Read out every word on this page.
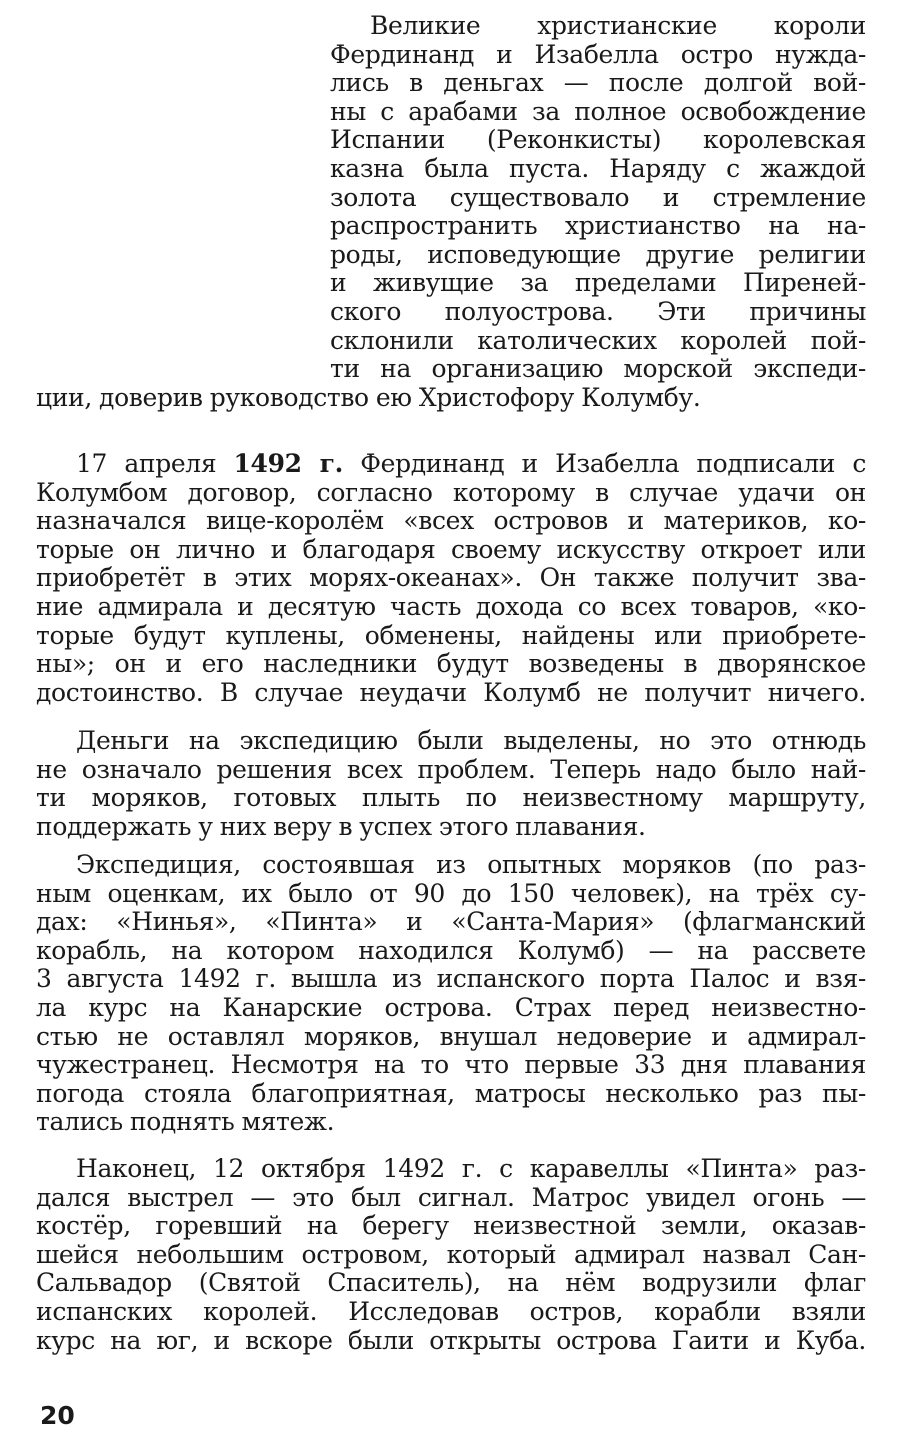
Великие христианские короли
Фердинанд и Изабелла остро нужда-
лись в деньгах — после долгой вой-
ны с арабами за полное освобождение
Испании (Реконкисты) королевская
казна была пуста. Наряду с жаждой
золота существовало и стремление
распространить христианство на на-
роды, исповедующие другие религии
и живущие за пределами Пиреней-
ского полуострова. Эти причины
склонили католических королей пой-
ти на организацию морской экспеди-
ции, доверив руководство ею Христофору Колумбу.
17 апреля 1492 г. Фердинанд и Изабелла подписали с
Колумбом договор, согласно которому в случае удачи он
назначался вице-королём «всех островов и материков, ко-
торые он лично и благодаря своему искусству откроет или
приобретёт в этих морях-океанах». Он также получит зва-
ние адмирала и десятую часть дохода со всех товаров, «ко-
торые будут куплены, обменены, найдены или приобрете-
ны»; он и его наследники будут возведены в дворянское
достоинство. В случае неудачи Колумб не получит ничего.
Деньги на экспедицию были выделены, но это отнюдь
не означало решения всех проблем. Теперь надо было най-
ти моряков, готовых плыть по неизвестному маршруту,
поддержать у них веру в успех этого плавания.
Экспедиция, состоявшая из опытных моряков (по раз-
ным оценкам, их было от 90 до 150 человек), на трёх су-
дах: «Нинья», «Пинта» и «Санта-Мария» (флагманский
корабль, на котором находился Колумб) — на рассвете
3 августа 1492 г. вышла из испанского порта Палос и взя-
ла курс на Канарские острова. Страх перед неизвестно-
стью не оставлял моряков, внушал недоверие и адмирал-
чужестранец. Несмотря на то что первые 33 дня плавания
погода стояла благоприятная, матросы несколько раз пы-
тались поднять мятеж.
Наконец, 12 октября 1492 г. с каравеллы «Пинта» раз-
дался выстрел — это был сигнал. Матрос увидел огонь —
костёр, горевший на берегу неизвестной земли, оказав-
шейся небольшим островом, который адмирал назвал Сан-
Сальвадор (Святой Спаситель), на нём водрузили флаг
испанских королей. Исследовав остров, корабли взяли
курс на юг, и вскоре были открыты острова Гаити и Куба.
20
